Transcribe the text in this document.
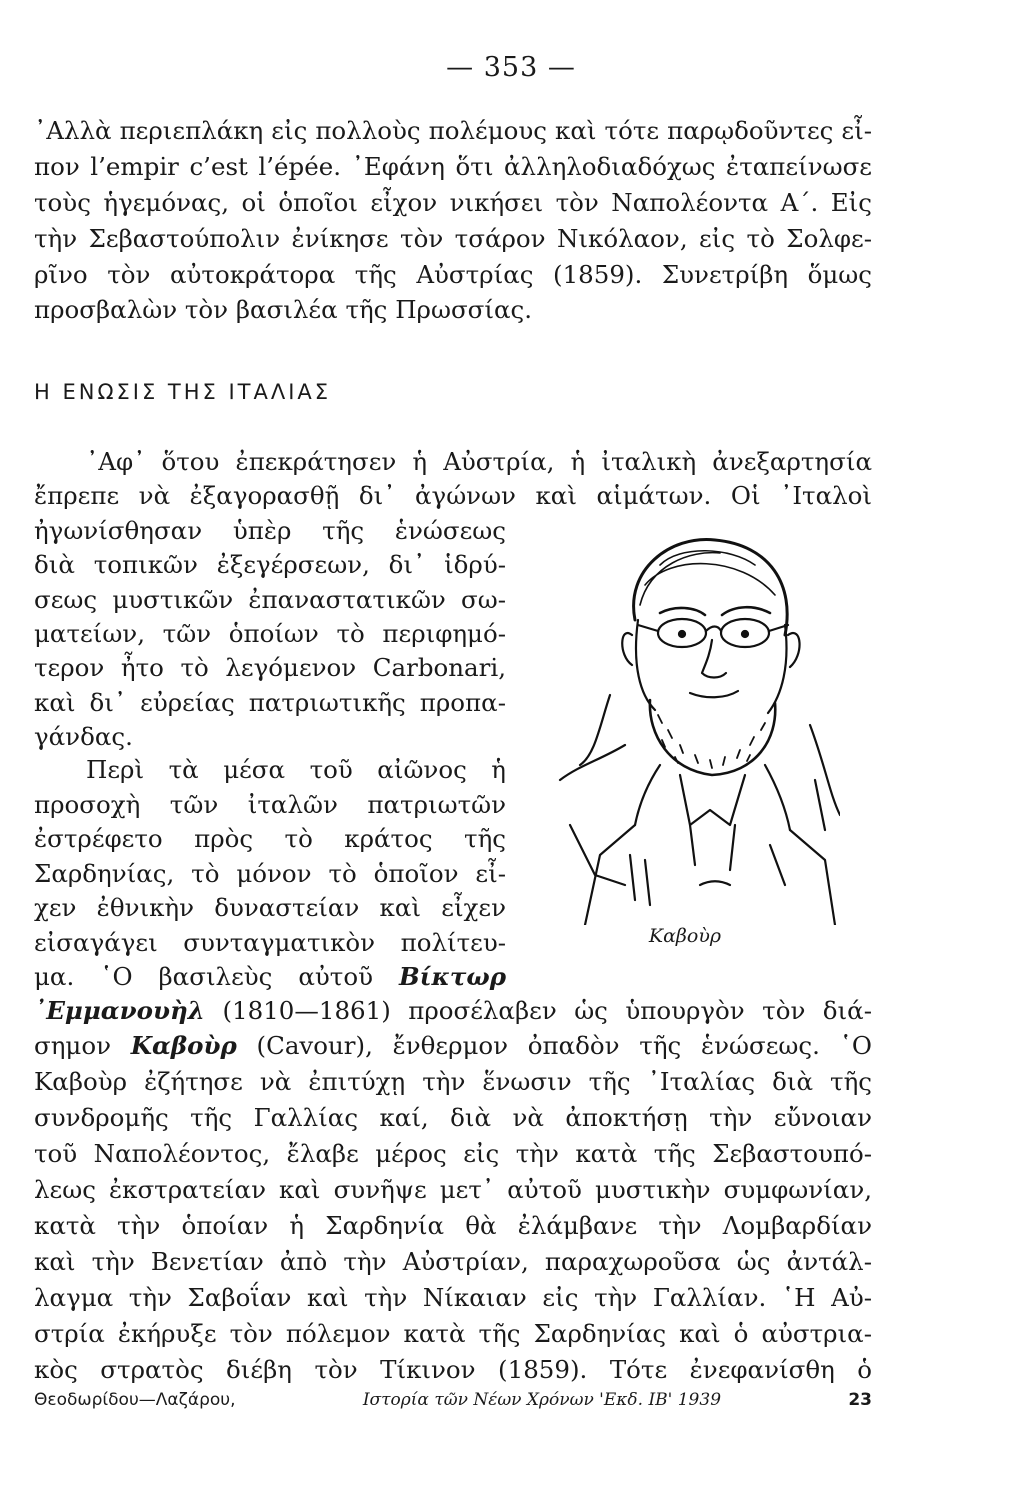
— 353 —
᾿Αλλὰ περιεπλάκη εἰς πολλοὺς πολέμους καὶ τότε παρῳδοῦντες εἶ-
πον l’empir c’est l’épée. ᾿Εφάνη ὅτι ἀλληλοδιαδόχως ἐταπείνωσε
τοὺς ἡγεμόνας, οἱ ὁποῖοι εἶχον νικήσει τὸν Ναπολέοντα Α΄. Εἰς
τὴν Σεβαστούπολιν ἐνίκησε τὸν τσάρον Νικόλαον, εἰς τὸ Σολφε-
ρῖνο τὸν αὐτοκράτορα τῆς Αὐστρίας (1859). Συνετρίβη ὅμως
προσβαλὼν τὸν βασιλέα τῆς Πρωσσίας.
Η ΕΝΩΣΙΣ ΤΗΣ ΙΤΑΛΙΑΣ
᾿Αφ᾿ ὅτου ἐπεκράτησεν ἡ Αὐστρία, ἡ ἰταλικὴ ἀνεξαρτησία
ἔπρεπε νὰ ἐξαγορασθῇ δι᾿ ἀγώνων καὶ αἱμάτων. Οἱ ᾿Ιταλοὶ
ἠγωνίσθησαν ὑπὲρ τῆς ἑνώσεως
διὰ τοπικῶν ἐξεγέρσεων, δι᾿ ἱδρύ-
σεως μυστικῶν ἐπαναστατικῶν σω-
ματείων, τῶν ὁποίων τὸ περιφημό-
τερον ἦτο τὸ λεγόμενον Carbonari,
καὶ δι᾿ εὐρείας πατριωτικῆς προπα-
γάνδας.
Περὶ τὰ μέσα τοῦ αἰῶνος ἡ
προσοχὴ τῶν ἰταλῶν πατριωτῶν
ἐστρέφετο πρὸς τὸ κράτος τῆς
Σαρδηνίας, τὸ μόνον τὸ ὁποῖον εἶ-
χεν ἐθνικὴν δυναστείαν καὶ εἶχεν
εἰσαγάγει συνταγματικὸν πολίτευ-
μα. ῾Ο βασιλεὺς αὐτοῦ Βίκτωρ
᾿Εμμανουὴλ (1810—1861) προσέλαβεν ὡς ὑπουργὸν τὸν διά-
σημον Καβοὺρ (Cavour), ἔνθερμον ὀπαδὸν τῆς ἑνώσεως. ῾Ο
Καβοὺρ ἐζήτησε νὰ ἐπιτύχῃ τὴν ἕνωσιν τῆς ᾿Ιταλίας διὰ τῆς
συνδρομῆς τῆς Γαλλίας καί, διὰ νὰ ἀποκτήσῃ τὴν εὔνοιαν
τοῦ Ναπολέοντος, ἔλαβε μέρος εἰς τὴν κατὰ τῆς Σεβαστουπό-
λεως ἐκστρατείαν καὶ συνῆψε μετ᾿ αὐτοῦ μυστικὴν συμφωνίαν,
κατὰ τὴν ὁποίαν ἡ Σαρδηνία θὰ ἐλάμβανε τὴν Λομβαρδίαν
καὶ τὴν Βενετίαν ἀπὸ τὴν Αὐστρίαν, παραχωροῦσα ὡς ἀντάλ-
λαγμα τὴν Σαβοΐαν καὶ τὴν Νίκαιαν εἰς τὴν Γαλλίαν. ῾Η Αὐ-
στρία ἐκήρυξε τὸν πόλεμον κατὰ τῆς Σαρδηνίας καὶ ὁ αὐστρια-
κὸς στρατὸς διέβη τὸν Τίκινον (1859). Τότε ἐνεφανίσθη ὁ
Καβοὺρ
Θεοδωρίδου—Λαζάρου,	Ιστορία τῶν Νέων Χρόνων 'Εκδ. ΙΒ' 1939	23
